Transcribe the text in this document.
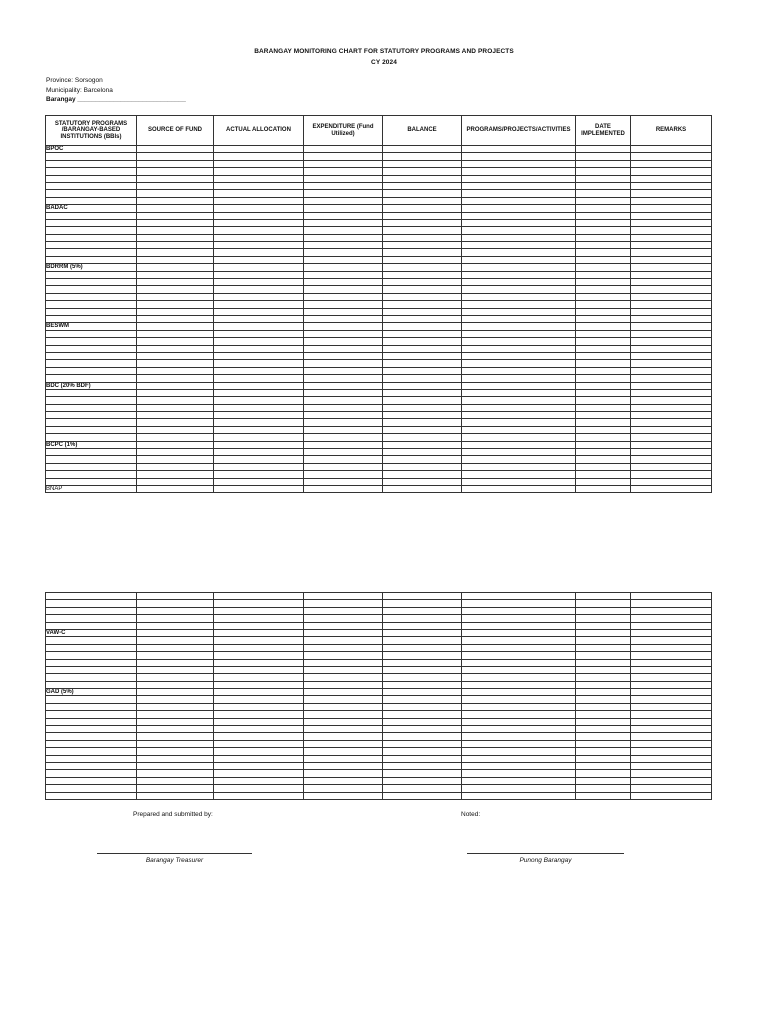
BARANGAY MONITORING CHART FOR STATUTORY PROGRAMS AND PROJECTS
CY 2024
Province: Sorsogon
Municipality: Barcelona
Barangay ______________________________
STATUTORY PROGRAMS /BARANGAY-BASED INSTITUTIONS (BBIs)	SOURCE OF FUND	ACTUAL ALLOCATION	EXPENDITURE (Fund Utilized)	BALANCE	PROGRAMS/PROJECTS/ACTIVITIES	DATE IMPLEMENTED	REMARKS
BPOC							

BADAC							

BDRRM (5%)							

BESWM							

BDC (20% BDF)							

BCPC (1%)							

BNAP							

VAW-C							

GAD (5%)							

Prepared and submitted by:	Noted:
Barangay Treasurer	Punong Barangay
